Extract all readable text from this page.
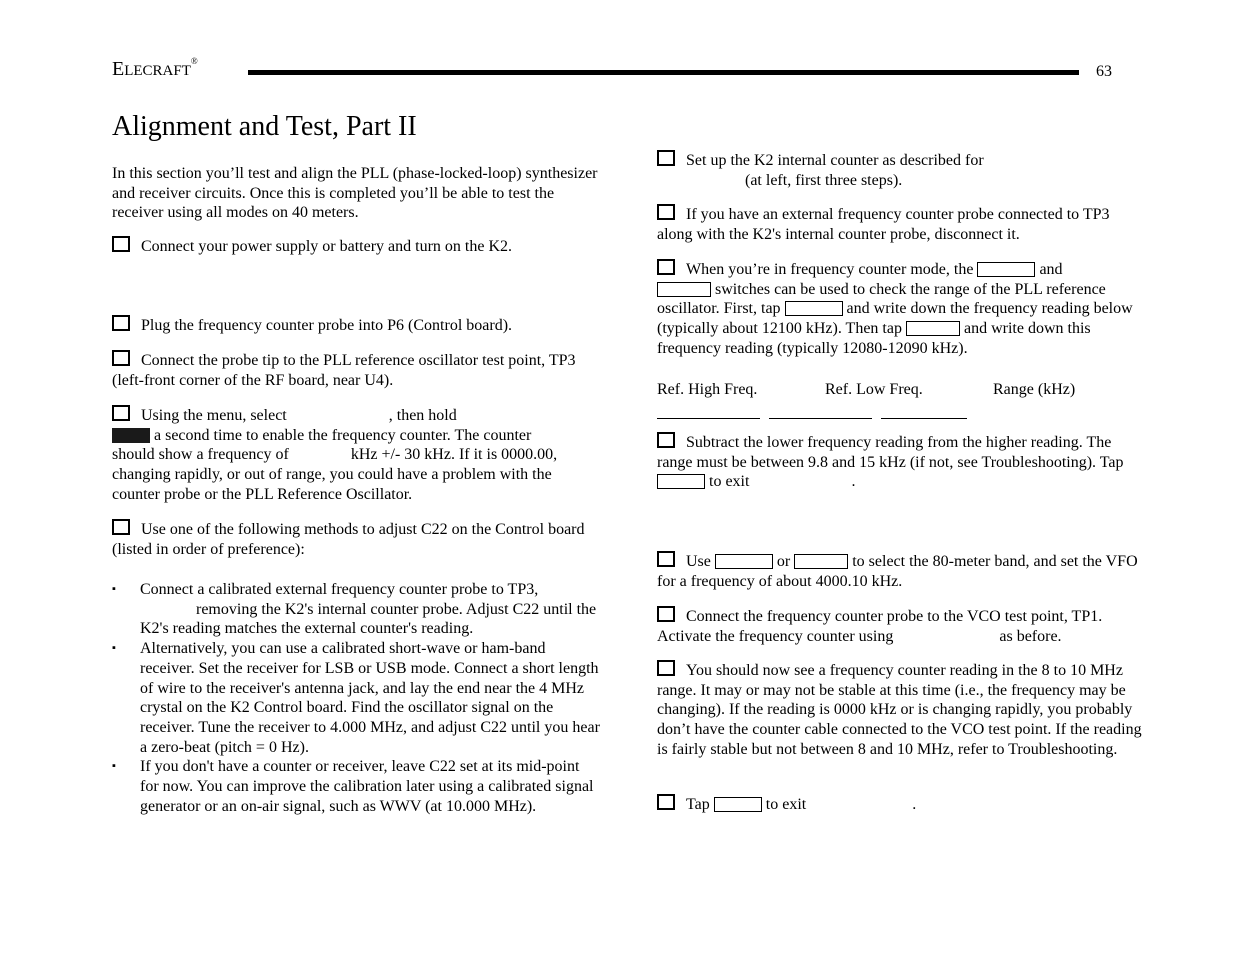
ELECRAFT®
63
Alignment and Test, Part II
In this section you’ll test and align the PLL (phase-locked-loop) synthesizer and receiver circuits. Once this is completed you’ll be able to test the receiver using all modes on 40 meters.
Connect your power supply or battery and turn on the K2.
Plug the frequency counter probe into P6 (Control board).
Connect the probe tip to the PLL reference oscillator test point, TP3 (left-front corner of the RF board, near U4).
Using the menu, select	, then hold
a second time to enable the frequency counter. The counter
should show a frequency of	kHz +/- 30 kHz. If it is 0000.00, changing rapidly, or out of range, you could have a problem with the counter probe or the PLL Reference Oscillator.
Use one of the following methods to adjust C22 on the Control board (listed in order of preference):
▪ Connect a calibrated external frequency counter probe to TP3,
removing the K2's internal counter probe. Adjust C22 until the K2's reading matches the external counter's reading.
▪ Alternatively, you can use a calibrated short-wave or ham-band receiver. Set the receiver for LSB or USB mode. Connect a short length of wire to the receiver's antenna jack, and lay the end near the 4 MHz crystal on the K2 Control board. Find the oscillator signal on the receiver. Tune the receiver to 4.000 MHz, and adjust C22 until you hear a zero-beat (pitch = 0 Hz).
▪ If you don't have a counter or receiver, leave C22 set at its mid-point for now. You can improve the calibration later using a calibrated signal generator or an on-air signal, such as WWV (at 10.000 MHz).
Set up the K2 internal counter as described for
(at left, first three steps).
If you have an external frequency counter probe connected to TP3 along with the K2's internal counter probe, disconnect it.
When you’re in frequency counter mode, the	and
switches can be used to check the range of the PLL reference oscillator. First, tap	and write down the frequency reading below (typically about 12100 kHz). Then tap	and write down this frequency reading (typically 12080-12090 kHz).
Ref. High Freq.	Ref. Low Freq.	Range (kHz)
Subtract the lower frequency reading from the higher reading. The range must be between 9.8 and 15 kHz (if not, see Troubleshooting). Tap  to exit	.
Use	or	to select the 80-meter band, and set the VFO for a frequency of about 4000.10 kHz.
Connect the frequency counter probe to the VCO test point, TP1. Activate the frequency counter using	as before.
You should now see a frequency counter reading in the 8 to 10 MHz range. It may or may not be stable at this time (i.e., the frequency may be changing). If the reading is 0000 kHz or is changing rapidly, you probably don’t have the counter cable connected to the VCO test point. If the reading is fairly stable but not between 8 and 10 MHz, refer to Troubleshooting.
Tap	to exit	.
